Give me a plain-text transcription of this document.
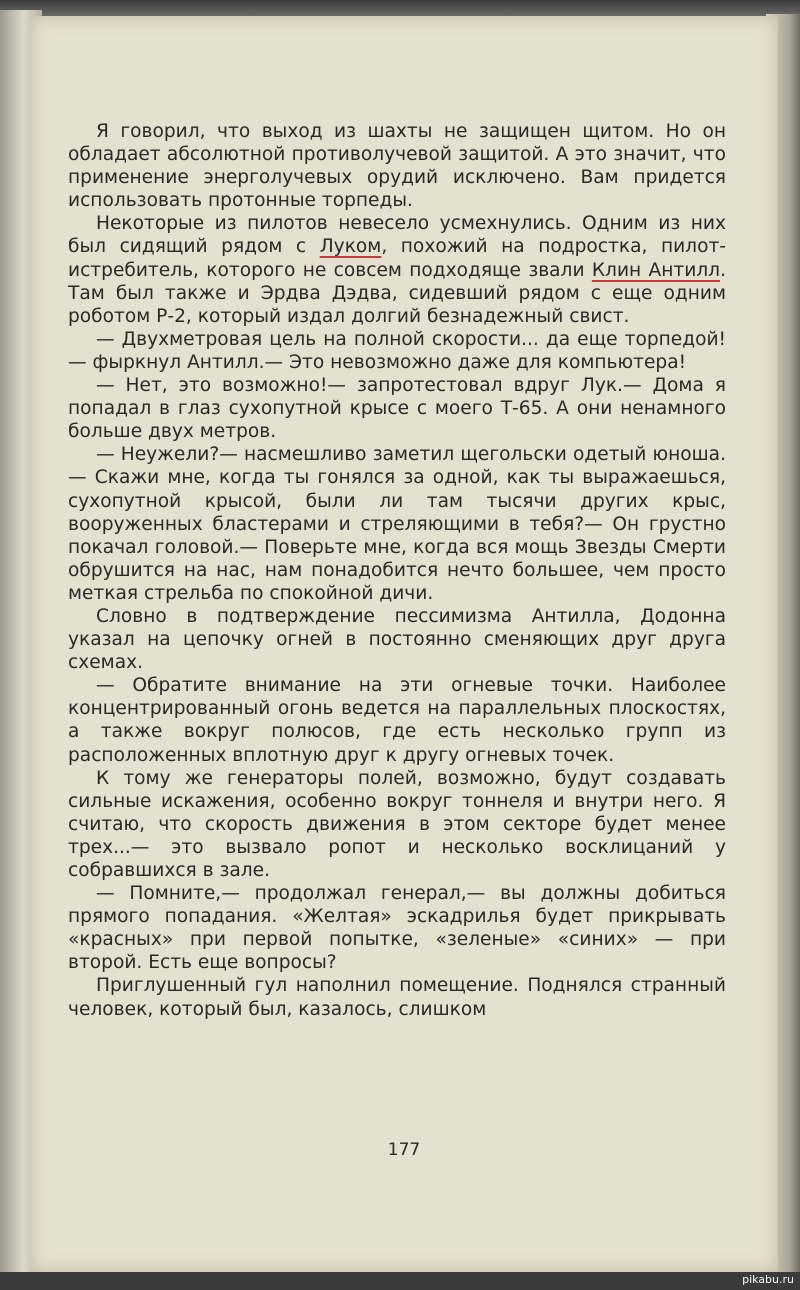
Я говорил, что выход из шахты не защищен щитом. Но он обладает абсолютной противолучевой защитой. А это значит, что применение энерголучевых орудий исключено. Вам придется использовать протонные торпеды.

Некоторые из пилотов невесело усмехнулись. Одним из них был сидящий рядом с Луком, похожий на подростка, пилот-истребитель, которого не совсем подходяще звали Клин Антилл. Там был также и Эрдва Дэдва, сидевший рядом с еще одним роботом Р-2, который издал долгий безнадежный свист.

— Двухметровая цель на полной скорости... да еще торпедой!— фыркнул Антилл.— Это невозможно даже для компьютера!

— Нет, это возможно!— запротестовал вдруг Лук.— Дома я попадал в глаз сухопутной крысе с моего Т-65. А они ненамного больше двух метров.

— Неужели?— насмешливо заметил щегольски одетый юноша.— Скажи мне, когда ты гонялся за одной, как ты выражаешься, сухопутной крысой, были ли там тысячи других крыс, вооруженных бластерами и стреляющими в тебя?— Он грустно покачал головой.— Поверьте мне, когда вся мощь Звезды Смерти обрушится на нас, нам понадобится нечто большее, чем просто меткая стрельба по спокойной дичи.

Словно в подтверждение пессимизма Антилла, Додонна указал на цепочку огней в постоянно сменяющих друг друга схемах.

— Обратите внимание на эти огневые точки. Наиболее концентрированный огонь ведется на параллельных плоскостях, а также вокруг полюсов, где есть несколько групп из расположенных вплотную друг к другу огневых точек.

К тому же генераторы полей, возможно, будут создавать сильные искажения, особенно вокруг тоннеля и внутри него. Я считаю, что скорость движения в этом секторе будет менее трех...— это вызвало ропот и несколько восклицаний у собравшихся в зале.

— Помните,— продолжал генерал,— вы должны добиться прямого попадания. «Желтая» эскадрилья будет прикрывать «красных» при первой попытке, «зеленые» «синих» — при второй. Есть еще вопросы?

Приглушенный гул наполнил помещение. Поднялся странный человек, который был, казалось, слишком

177
pikabu.ru
